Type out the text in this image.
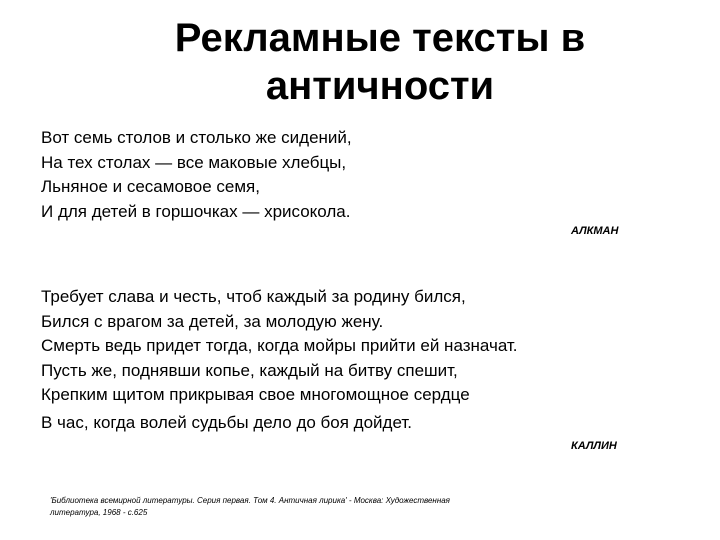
Рекламные тексты в
античности
Вот семь столов и столько же сидений,
На тех столах — все маковые хлебцы,
Льняное и сесамовое семя,
И для детей в горшочках — хрисокола.
АЛКМАН
Требует слава и честь, чтоб каждый за родину бился,
Бился с врагом за детей, за молодую жену.
Смерть ведь придет тогда, когда мойры прийти ей назначат.
Пусть же, поднявши копье, каждый на битву спешит,
Крепким щитом прикрывая свое многомощное сердце
В час, когда волей судьбы дело до боя дойдет.
КАЛЛИН
'Библиотека всемирной литературы. Серия первая. Том 4. Античная лирика' - Москва: Художественная
литература, 1968 - с.625
